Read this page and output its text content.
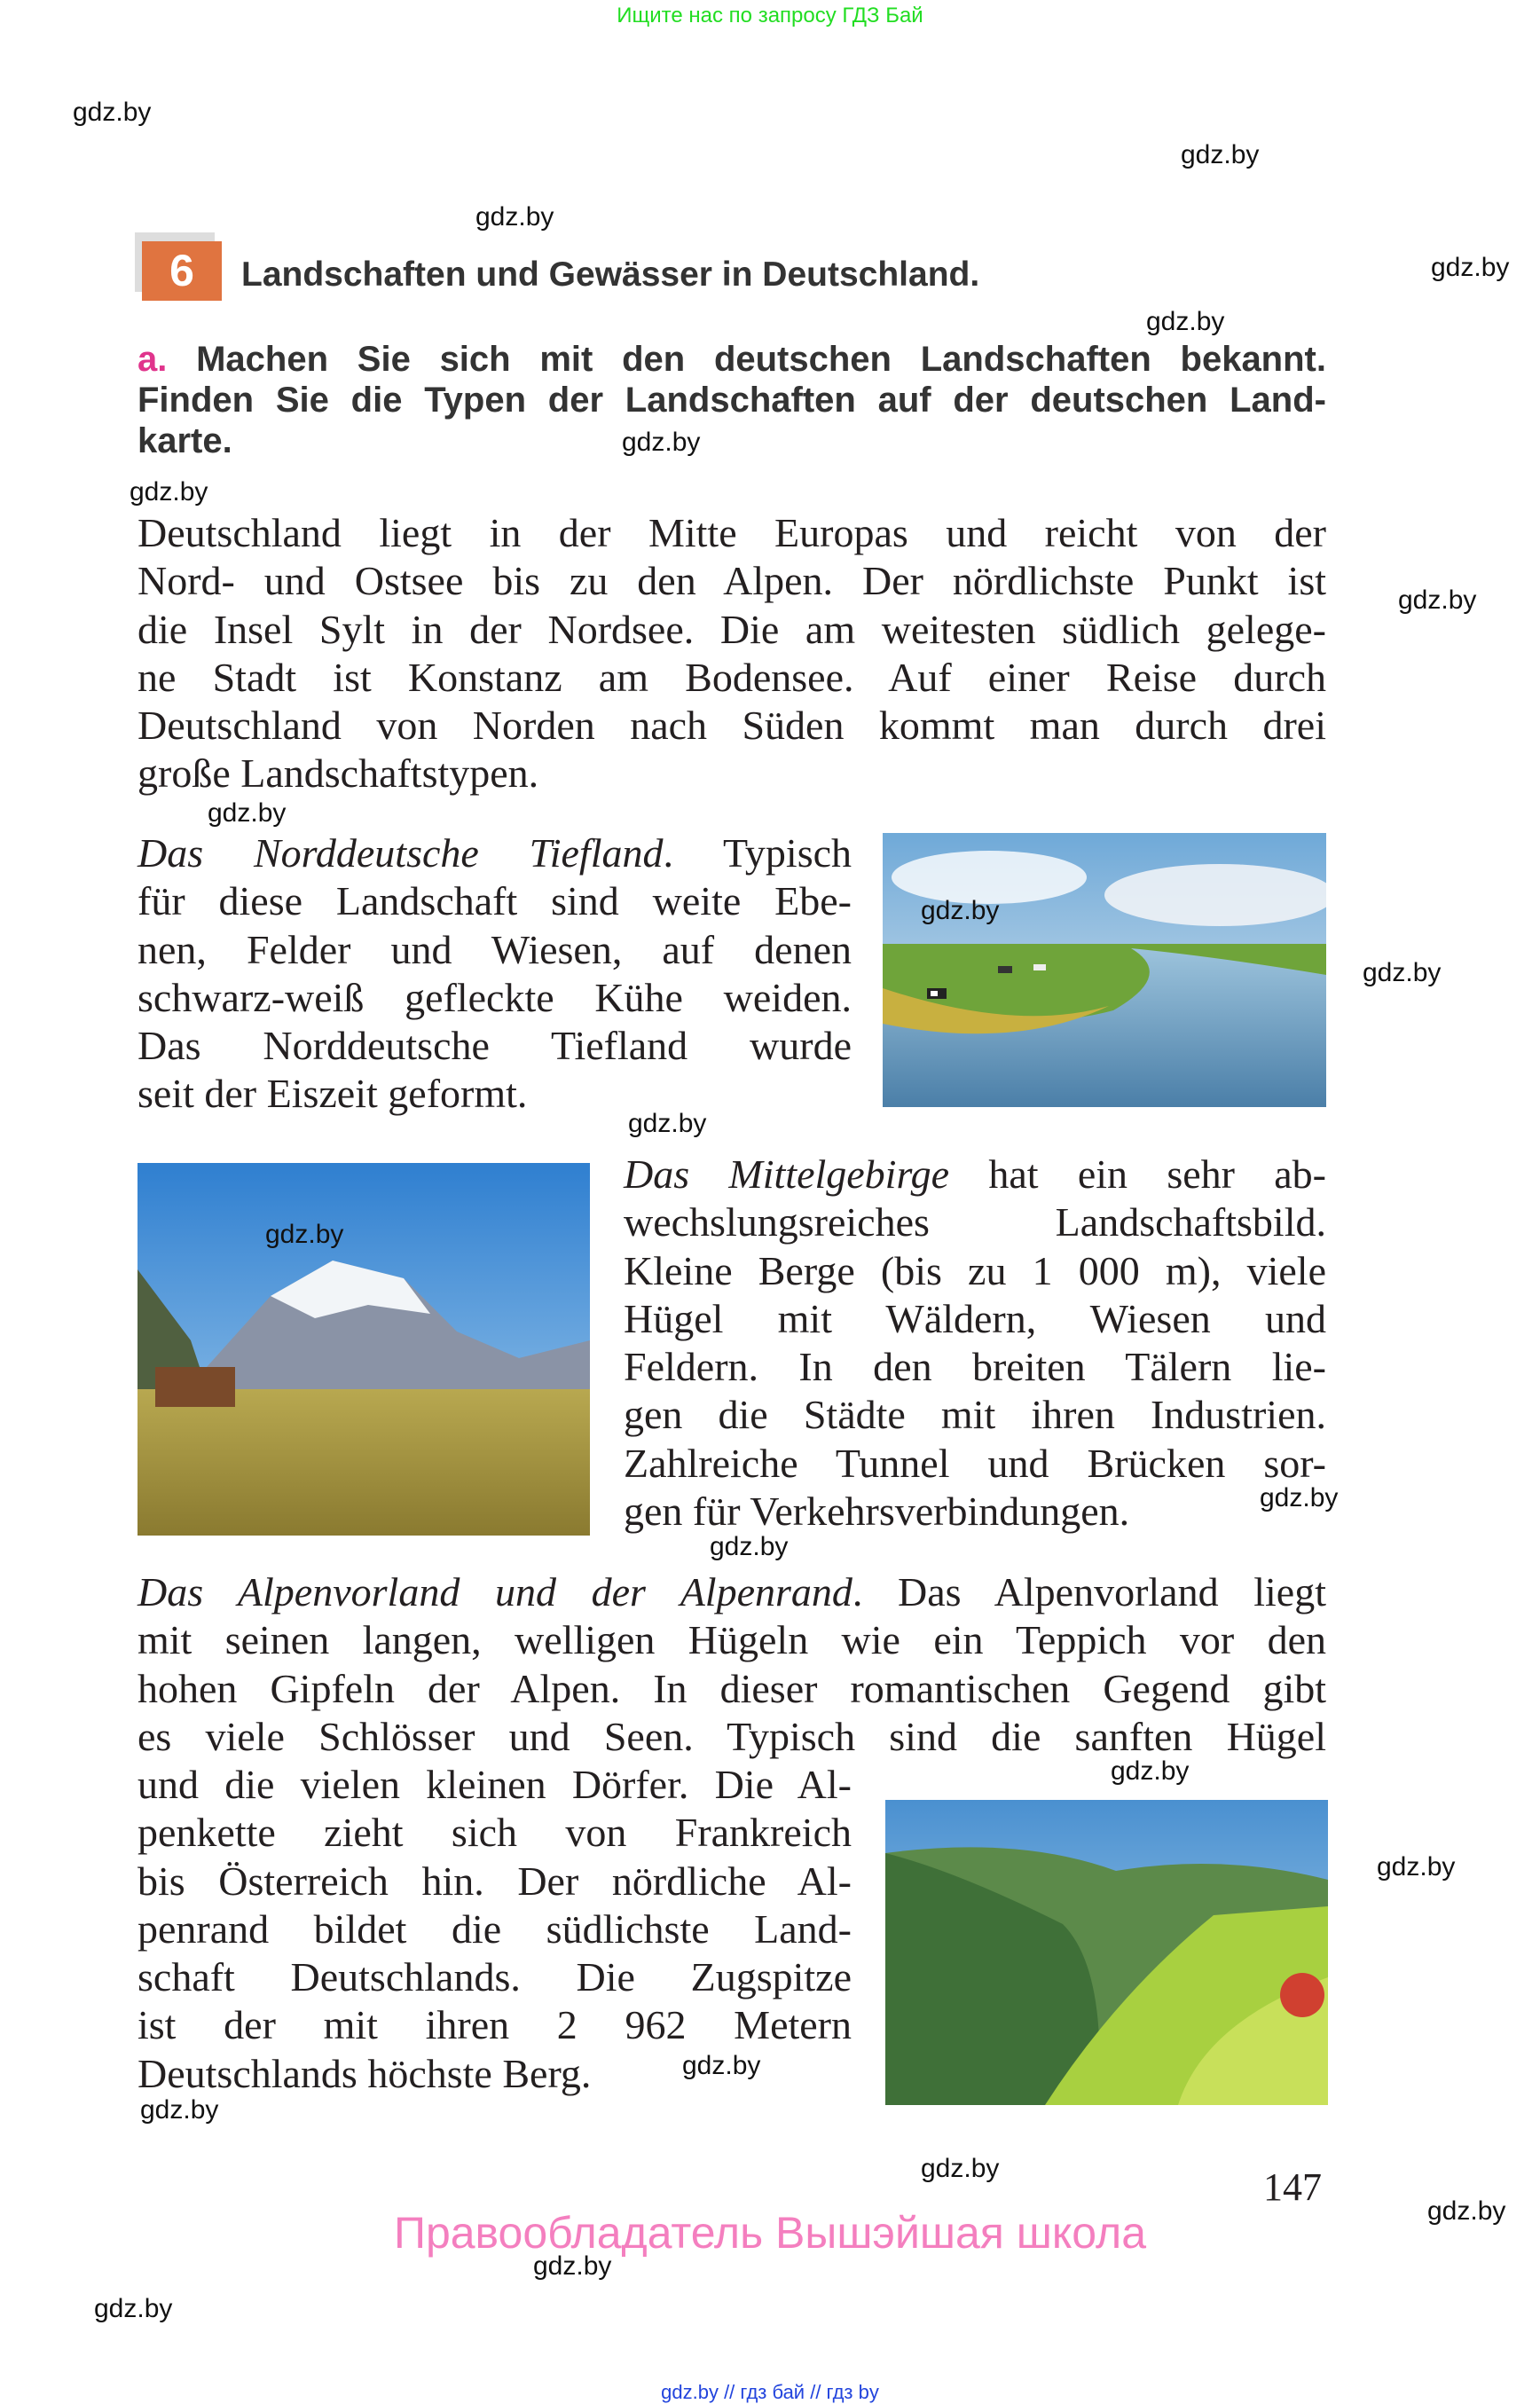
Ищите нас по запросу ГДЗ Бай
6	Landschaften und Gewässer in Deutschland.
a. Machen Sie sich mit den deutschen Landschaften bekannt.
Finden Sie die Typen der Landschaften auf der deutschen Land-
karte.
Deutschland liegt in der Mitte Europas und reicht von der
Nord- und Ostsee bis zu den Alpen. Der nördlichste Punkt ist
die Insel Sylt in der Nordsee. Die am weitesten südlich gelege-
ne Stadt ist Konstanz am Bodensee. Auf einer Reise durch
Deutschland von Norden nach Süden kommt man durch drei
große Landschaftstypen.
Das Norddeutsche Tiefland. Typisch
für diese Landschaft sind weite Ebe-
nen, Felder und Wiesen, auf denen
schwarz-weiß gefleckte Kühe weiden.
Das Norddeutsche Tiefland wurde
seit der Eiszeit geformt.
Das Mittelgebirge hat ein sehr ab-
wechslungsreiches Landschaftsbild.
Kleine Berge (bis zu 1 000 m), viele
Hügel mit Wäldern, Wiesen und
Feldern. In den breiten Tälern lie-
gen die Städte mit ihren Industrien.
Zahlreiche Tunnel und Brücken sor-
gen für Verkehrsverbindungen.
Das Alpenvorland und der Alpenrand. Das Alpenvorland liegt
mit seinen langen, welligen Hügeln wie ein Teppich vor den
hohen Gipfeln der Alpen. In dieser romantischen Gegend gibt
es viele Schlösser und Seen. Typisch sind die sanften Hügel
und die vielen kleinen Dörfer. Die Al-
penkette zieht sich von Frankreich
bis Österreich hin. Der nördliche Al-
penrand bildet die südlichste Land-
schaft Deutschlands. Die Zugspitze
ist der mit ihren 2 962 Metern
Deutschlands höchste Berg.
147
Правообладатель Вышэйшая школа
gdz.by // гдз бай // гдз by
gdz.by
gdz.by
gdz.by
gdz.by
gdz.by
gdz.by
gdz.by
gdz.by
gdz.by
gdz.by
gdz.by
gdz.by
gdz.by
gdz.by
gdz.by
gdz.by
gdz.by
gdz.by
gdz.by
gdz.by
gdz.by
gdz.by
gdz.by
